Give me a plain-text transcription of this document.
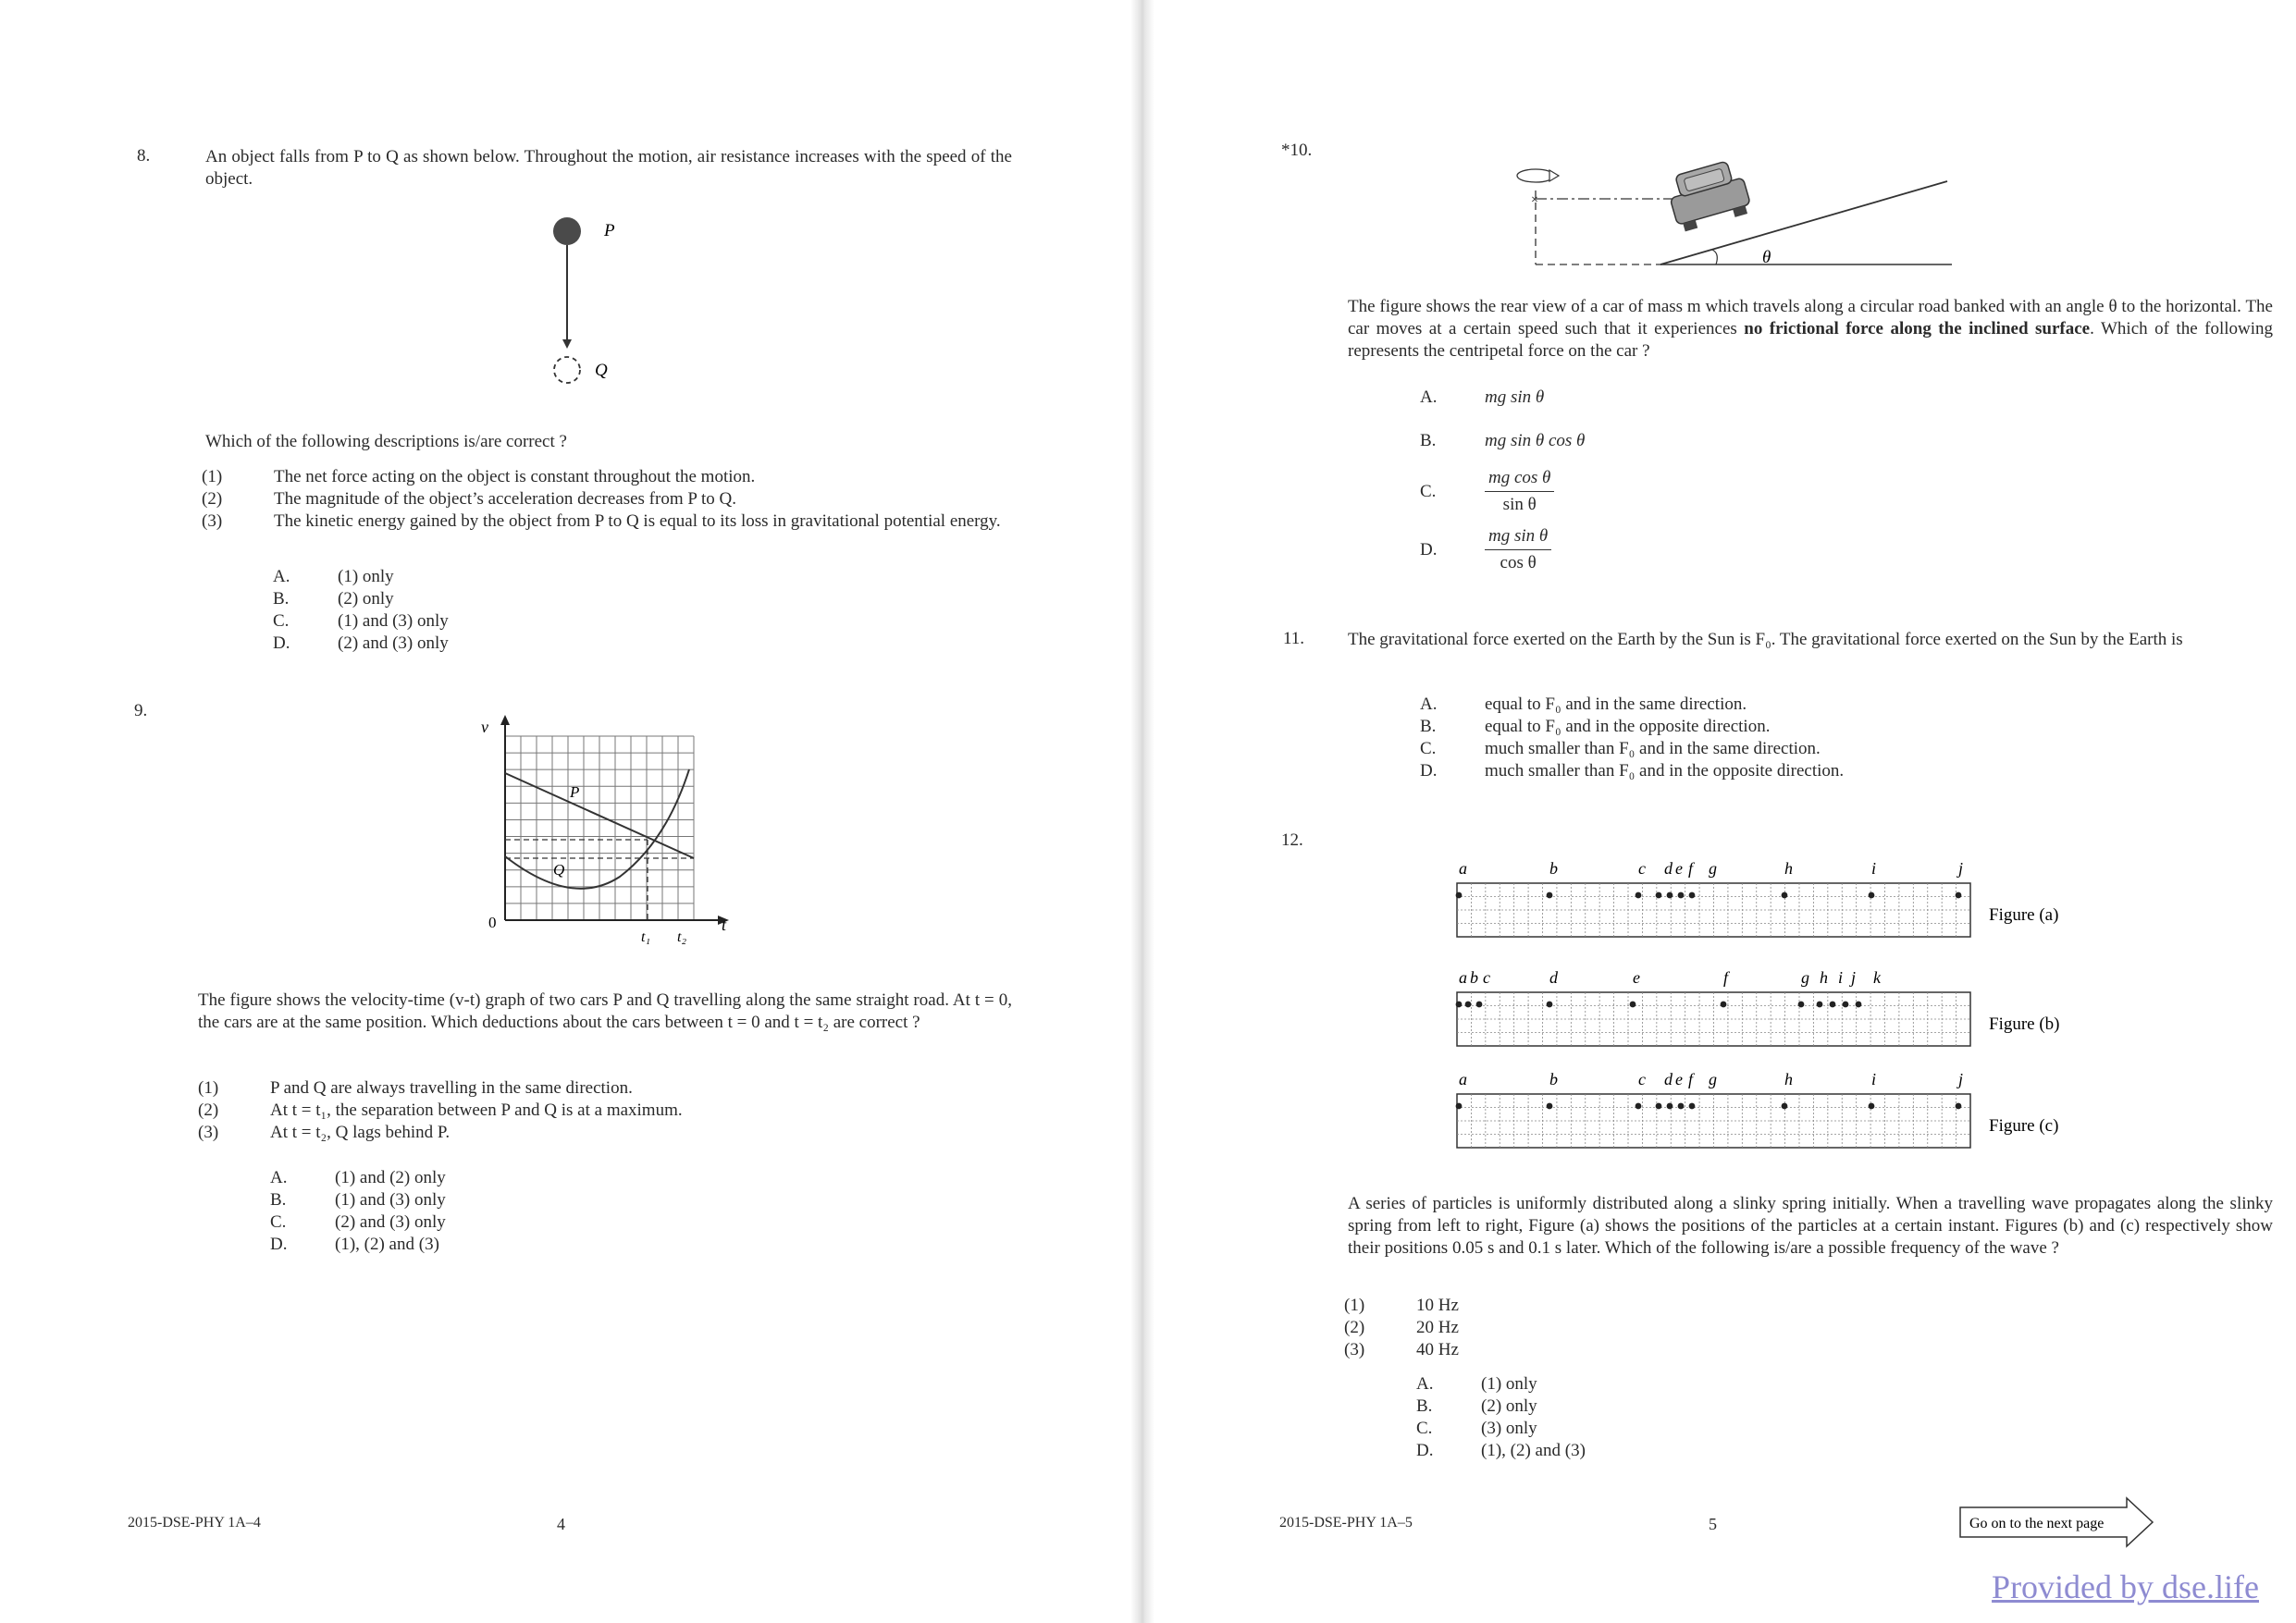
8.	An object falls from P to Q as shown below. Throughout the motion, air resistance increases with the speed of the object.
P
Q
Which of the following descriptions is/are correct ?
(1)	The net force acting on the object is constant throughout the motion.
(2)	The magnitude of the object’s acceleration decreases from P to Q.
(3)	The kinetic energy gained by the object from P to Q is equal to its loss in gravitational potential energy.
A.	(1) only
B.	(2) only
C.	(1) and (3) only
D.	(2) and (3) only
9.
v
t
0
t₁ t₂
P
Q
The figure shows the velocity-time (v-t) graph of two cars P and Q travelling along the same straight road. At t = 0, the cars are at the same position. Which deductions about the cars between t = 0 and t = t₂ are correct ?
(1)	P and Q are always travelling in the same direction.
(2)	At t = t₁, the separation between P and Q is at a maximum.
(3)	At t = t₂, Q lags behind P.
A.	(1) and (2) only
B.	(1) and (3) only
C.	(2) and (3) only
D.	(1), (2) and (3)
2015-DSE-PHY 1A–4	4
*10.
×
θ
The figure shows the rear view of a car of mass m which travels along a circular road banked with an angle θ to the horizontal. The car moves at a certain speed such that it experiences no frictional force along the inclined surface. Which of the following represents the centripetal force on the car ?
A.	mg sin θ
B.	mg sin θ cos θ
C.	$\frac{\text{mg cos θ}}{\text{sin θ}}$
D.	$\frac{\text{mg sin θ}}{\text{cos θ}}$
11. The gravitational force exerted on the Earth by the Sun is F₀. The gravitational force exerted on the Sun by the Earth is
A.	equal to F₀ and in the same direction.
B.	equal to F₀ and in the opposite direction.
C.	much smaller than F₀ and in the same direction.
D.	much smaller than F₀ and in the opposite direction.
12.
a	b	c d e f g	h	i	j
Figure (a)
a b c	d	e	f	g h i j k
Figure (b)
a	b	c d e f g	h	i	j
Figure (c)
A series of particles is uniformly distributed along a slinky spring initially. When a travelling wave propagates along the slinky spring from left to right, Figure (a) shows the positions of the particles at a certain instant. Figures (b) and (c) respectively show their positions 0.05 s and 0.1 s later. Which of the following is/are a possible frequency of the wave ?
(1)	10 Hz
(2)	20 Hz
(3)	40 Hz
A.	(1) only
B.	(2) only
C.	(3) only
D.	(1), (2) and (3)
2015-DSE-PHY 1A–5	5	Go on to the next page
Provided by dse.life
